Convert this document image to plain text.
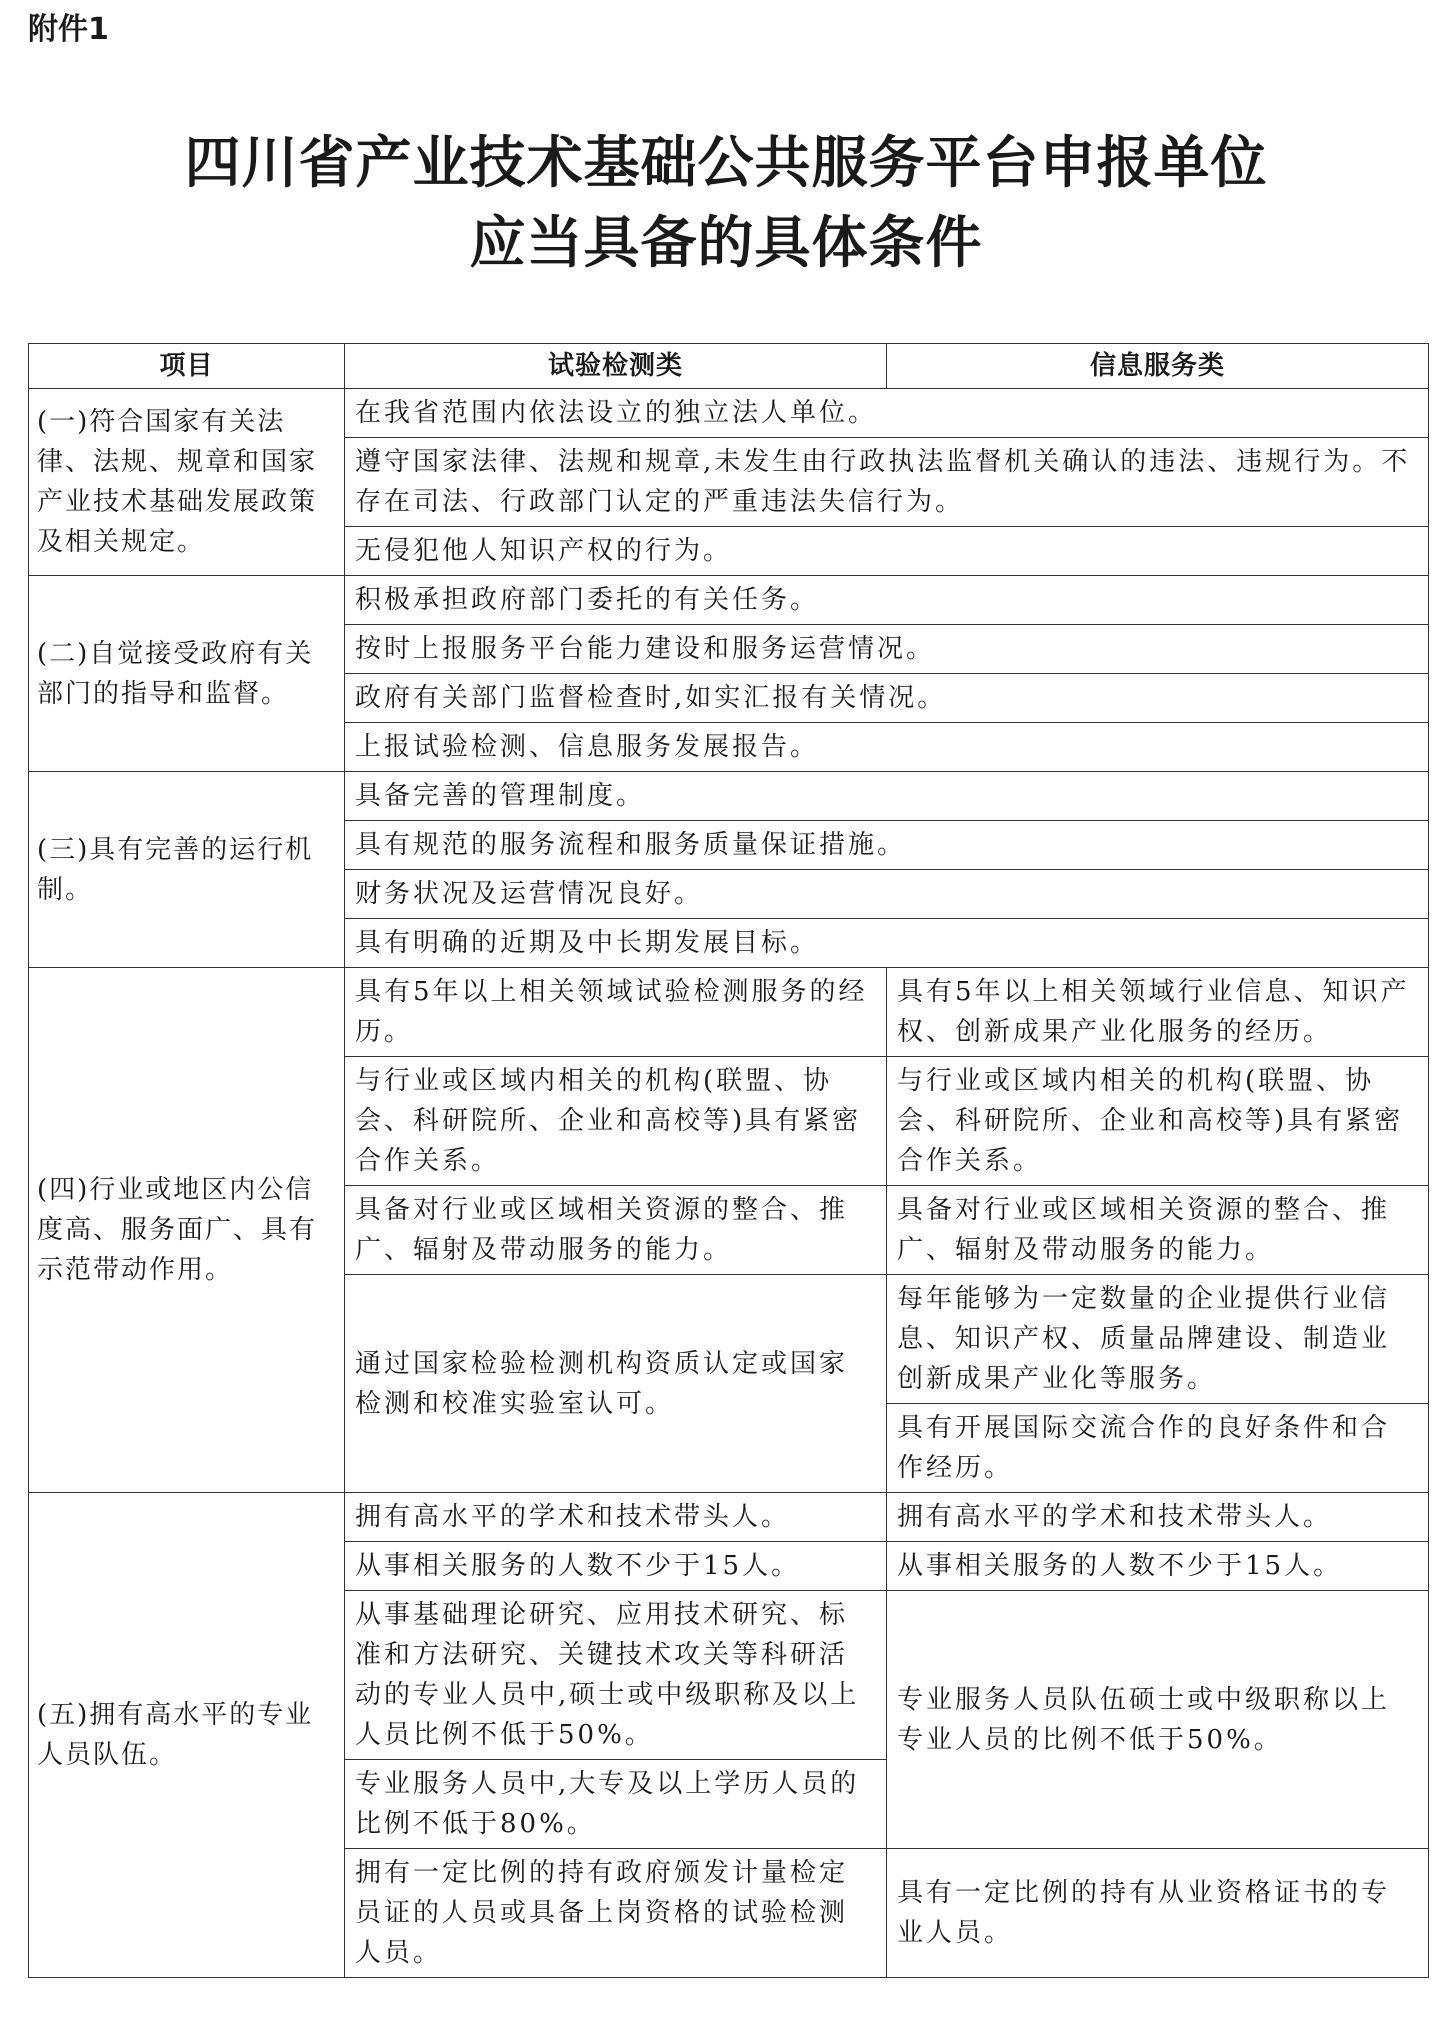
附件1
四川省产业技术基础公共服务平台申报单位
应当具备的具体条件
项目	试验检测类	信息服务类
(一)符合国家有关法律、法规、规章和国家产业技术基础发展政策及相关规定。	在我省范围内依法设立的独立法人单位。	
	遵守国家法律、法规和规章,未发生由行政执法监督机关确认的违法、违规行为。不存在司法、行政部门认定的严重违法失信行为。	
	无侵犯他人知识产权的行为。	
(二)自觉接受政府有关部门的指导和监督。	积极承担政府部门委托的有关任务。	
	按时上报服务平台能力建设和服务运营情况。	
	政府有关部门监督检查时,如实汇报有关情况。	
	上报试验检测、信息服务发展报告。	
(三)具有完善的运行机制。	具备完善的管理制度。	
	具有规范的服务流程和服务质量保证措施。	
	财务状况及运营情况良好。	
	具有明确的近期及中长期发展目标。	
(四)行业或地区内公信度高、服务面广、具有示范带动作用。	具有5年以上相关领域试验检测服务的经历。	具有5年以上相关领域行业信息、知识产权、创新成果产业化服务的经历。
	与行业或区域内相关的机构(联盟、协会、科研院所、企业和高校等)具有紧密合作关系。	与行业或区域内相关的机构(联盟、协会、科研院所、企业和高校等)具有紧密合作关系。
	具备对行业或区域相关资源的整合、推广、辐射及带动服务的能力。	具备对行业或区域相关资源的整合、推广、辐射及带动服务的能力。
	通过国家检验检测机构资质认定或国家检测和校准实验室认可。	每年能够为一定数量的企业提供行业信息、知识产权、质量品牌建设、制造业创新成果产业化等服务。
		具有开展国际交流合作的良好条件和合作经历。
(五)拥有高水平的专业人员队伍。	拥有高水平的学术和技术带头人。	拥有高水平的学术和技术带头人。
	从事相关服务的人数不少于15人。	从事相关服务的人数不少于15人。
	从事基础理论研究、应用技术研究、标准和方法研究、关键技术攻关等科研活动的专业人员中,硕士或中级职称及以上人员比例不低于50%。	专业服务人员队伍硕士或中级职称以上专业人员的比例不低于50%。
	专业服务人员中,大专及以上学历人员的比例不低于80%。	
	拥有一定比例的持有政府颁发计量检定员证的人员或具备上岗资格的试验检测人员。	具有一定比例的持有从业资格证书的专业人员。
